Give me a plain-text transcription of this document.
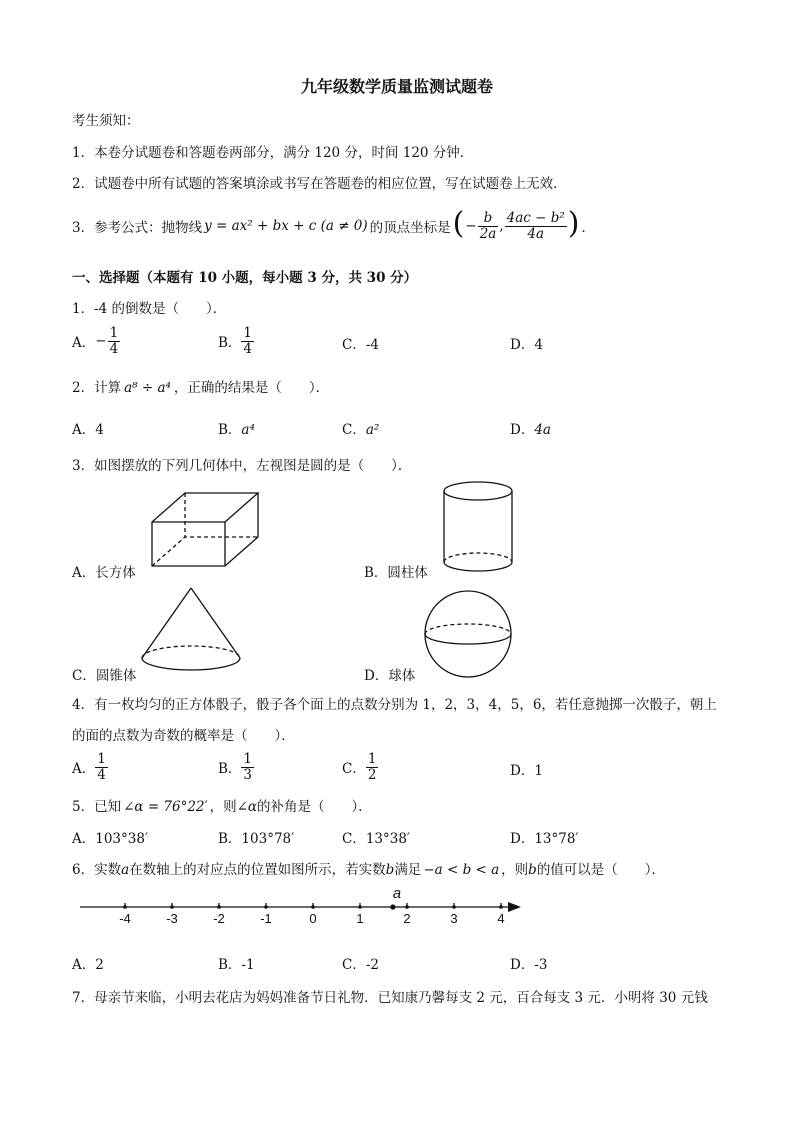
九年级数学质量监测试题卷
考生须知：
1．本卷分试题卷和答题卷两部分，满分 120 分，时间 120 分钟．
2．试题卷中所有试题的答案填涂或书写在答题卷的相应位置，写在试题卷上无效．
3．参考公式：抛物线 y = ax² + bx + c (a ≠ 0) 的顶点坐标是 ( − $\frac{b}{2a}$ , $\frac{\text{4ac − b²}}{4a}$ ) ．
一、选择题（本题有 10 小题，每小题 3 分，共 30 分）
1．-4 的倒数是（　　）．
A． − $\frac{1}{4}$	B． $\frac{1}{4}$	C．-4	D．4
2．计算 a⁸ ÷ a⁴ ，正确的结果是（　　）．
A．4	B．a⁴	C．a²	D．4a
3．如图摆放的下列几何体中，左视图是圆的是（　　）．
A．长方体	B．圆柱体
C．圆锥体	D．球体
4．有一枚均匀的正方体骰子，骰子各个面上的点数分别为 1，2，3，4，5，6，若任意抛掷一次骰子，朝上
的面的点数为奇数的概率是（　　）．
A． $\frac{1}{4}$	B． $\frac{1}{3}$	C． $\frac{1}{2}$	D．1
5．已知 ∠α = 76°22′ ，则∠α的补角是（　　）．
A．103°38′	B．103°78′	C．13°38′	D．13°78′
6．实数a在数轴上的对应点的位置如图所示，若实数b满足 −a < b < a ，则b的值可以是（　　）．
-4	-3	-2	-1	0	1	2	3	4
a
A．2	B．-1	C．-2	D．-3
7．母亲节来临，小明去花店为妈妈准备节日礼物．已知康乃馨每支 2 元，百合每支 3 元．小明将 30 元钱
